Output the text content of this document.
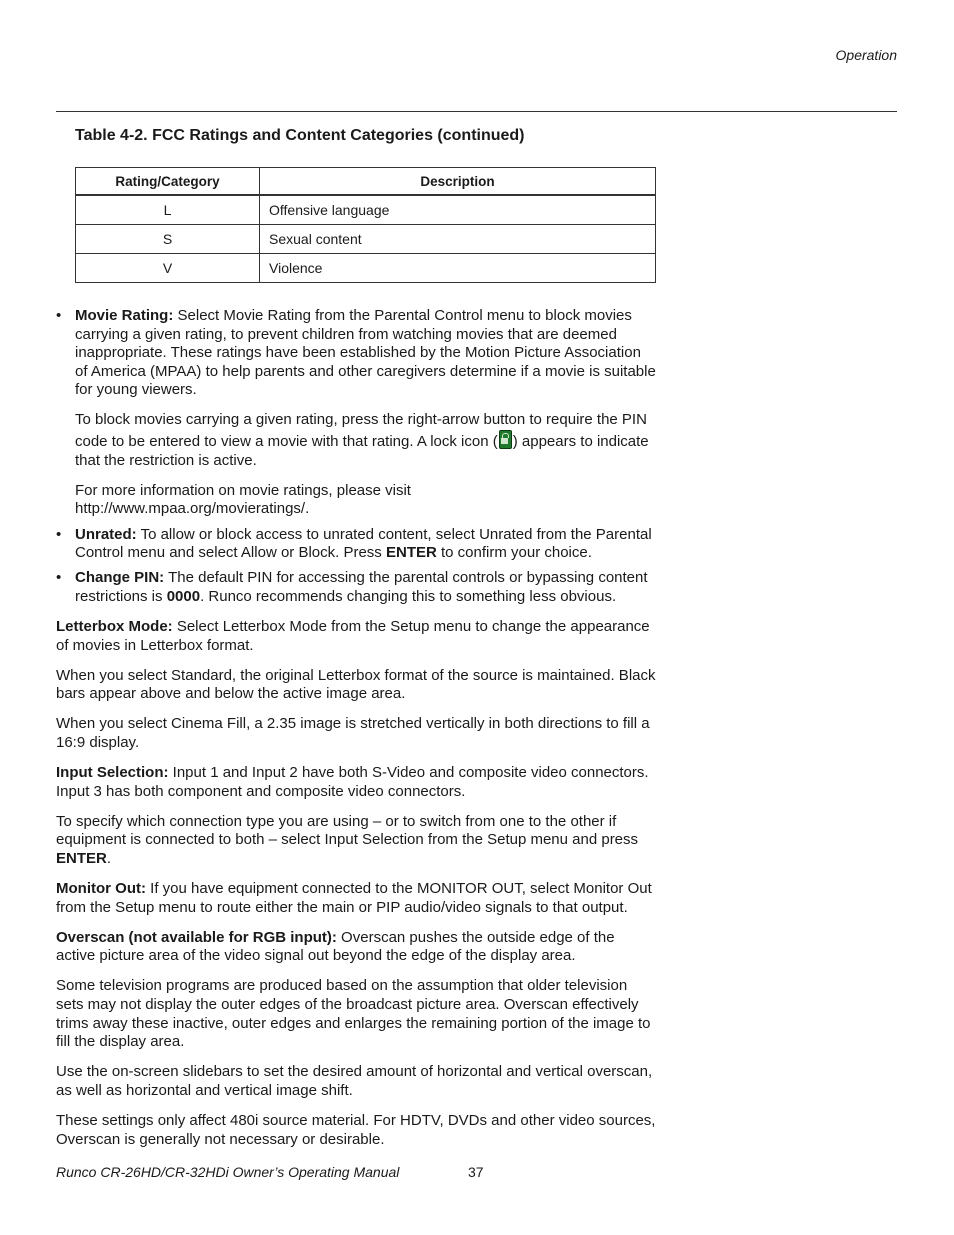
Operation
Table 4-2. FCC Ratings and Content Categories (continued)
Rating/Category	Description
L	Offensive language
S	Sexual content
V	Violence
• Movie Rating: Select Movie Rating from the Parental Control menu to block movies carrying a given rating, to prevent children from watching movies that are deemed inappropriate. These ratings have been established by the Motion Picture Association of America (MPAA) to help parents and other caregivers determine if a movie is suitable for young viewers.

To block movies carrying a given rating, press the right-arrow button to require the PIN code to be entered to view a movie with that rating. A lock icon ( ) appears to indicate that the restriction is active.

For more information on movie ratings, please visit
http://www.mpaa.org/movieratings/.

• Unrated: To allow or block access to unrated content, select Unrated from the Parental Control menu and select Allow or Block. Press ENTER to confirm your choice.

• Change PIN: The default PIN for accessing the parental controls or bypassing content restrictions is 0000. Runco recommends changing this to something less obvious.

Letterbox Mode: Select Letterbox Mode from the Setup menu to change the appearance of movies in Letterbox format.

When you select Standard, the original Letterbox format of the source is maintained. Black bars appear above and below the active image area.

When you select Cinema Fill, a 2.35 image is stretched vertically in both directions to fill a 16:9 display.

Input Selection: Input 1 and Input 2 have both S-Video and composite video connectors. Input 3 has both component and composite video connectors.

To specify which connection type you are using – or to switch from one to the other if equipment is connected to both – select Input Selection from the Setup menu and press ENTER.

Monitor Out: If you have equipment connected to the MONITOR OUT, select Monitor Out from the Setup menu to route either the main or PIP audio/video signals to that output.

Overscan (not available for RGB input): Overscan pushes the outside edge of the active picture area of the video signal out beyond the edge of the display area.

Some television programs are produced based on the assumption that older television sets may not display the outer edges of the broadcast picture area. Overscan effectively trims away these inactive, outer edges and enlarges the remaining portion of the image to fill the display area.

Use the on-screen slidebars to set the desired amount of horizontal and vertical overscan, as well as horizontal and vertical image shift.

These settings only affect 480i source material. For HDTV, DVDs and other video sources, Overscan is generally not necessary or desirable.

Runco CR-26HD/CR-32HDi Owner’s Operating Manual	37
